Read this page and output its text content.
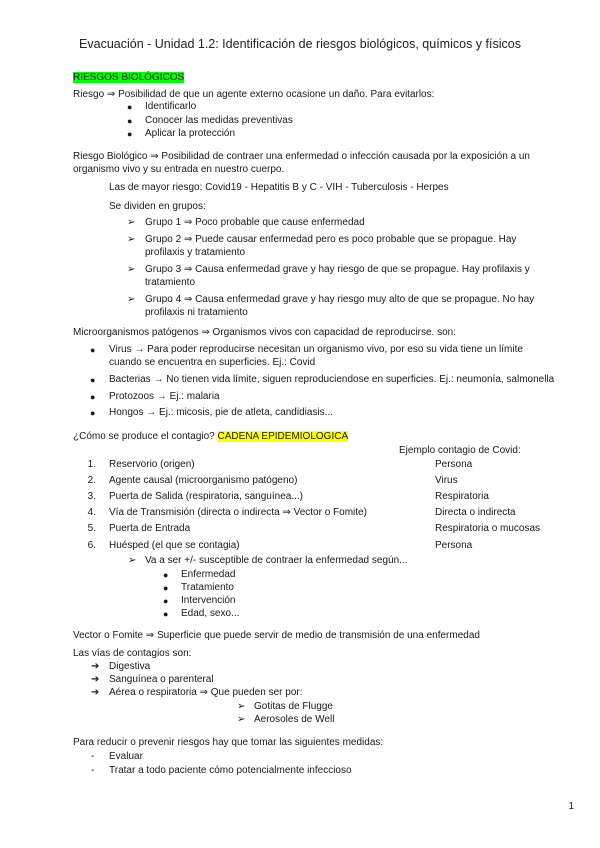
Evacuación - Unidad 1.2: Identificación de riesgos biológicos, químicos y físicos
RIESGOS BIOLÓGICOS
Riesgo ⇒ Posibilidad de que un agente externo ocasione un daño. Para evitarlos:
● Identificarlo
● Conocer las medidas preventivas
● Aplicar la protección
Riesgo Biológico ⇒ Posibilidad de contraer una enfermedad o infección causada por la exposición a un
organismo vivo y su entrada en nuestro cuerpo.
Las de mayor riesgo: Covid19 - Hepatitis B y C - VIH - Tuberculosis - Herpes
Se dividen en grupos:
➢ Grupo 1 ⇒ Poco probable que cause enfermedad
➢ Grupo 2 ⇒ Puede causar enfermedad pero es poco probable que se propague. Hay
profilaxis y tratamiento
➢ Grupo 3 ⇒ Causa enfermedad grave y hay riesgo de que se propague. Hay profilaxis y
tratamiento
➢ Grupo 4 ⇒ Causa enfermedad grave y hay riesgo muy alto de que se propague. No hay
profilaxis ni tratamiento
Microorganismos patógenos ⇒ Organismos vivos con capacidad de reproducirse. son:
● Virus → Para poder reproducirse necesitan un organismo vivo, por eso su vida tiene un límite
cuando se encuentra en superficies. Ej.: Covid
● Bacterias → No tienen vida límite, siguen reproduciendose en superficies. Ej.: neumonía, salmonella
● Protozoos → Ej.: malaria
● Hongos → Ej.: micosis, pie de atleta, candidiasis...
¿Cómo se produce el contagio? CADENA EPIDEMIOLOGICA
Ejemplo contagio de Covid:
1. Reservorio (origen)	Persona
2. Agente causal (microorganismo patógeno)	Virus
3. Puerta de Salida (respiratoria, sanguínea...)	Respiratoria
4. Vía de Transmisión (directa o indirecta ⇒ Vector o Fomite)	Directa o indirecta
5. Puerta de Entrada	Respiratoria o mucosas
6. Huésped (el que se contagia)	Persona
➢ Va a ser +/- susceptible de contraer la enfermedad según...
● Enfermedad
● Tratamiento
● Intervención
● Edad, sexo...
Vector o Fomite ⇒ Superficie que puede servir de medio de transmisión de una enfermedad
Las vías de contagios son:
➔ Digestiva
➔ Sanguínea o parenteral
➔ Aérea o respiratoria ⇒ Que pueden ser por:
➢ Gotitas de Flugge
➢ Aerosoles de Well
Para reducir o prevenir riesgos hay que tomar las siguientes medidas:
- Evaluar
- Tratar a todo paciente cómo potencialmente infeccioso
1
